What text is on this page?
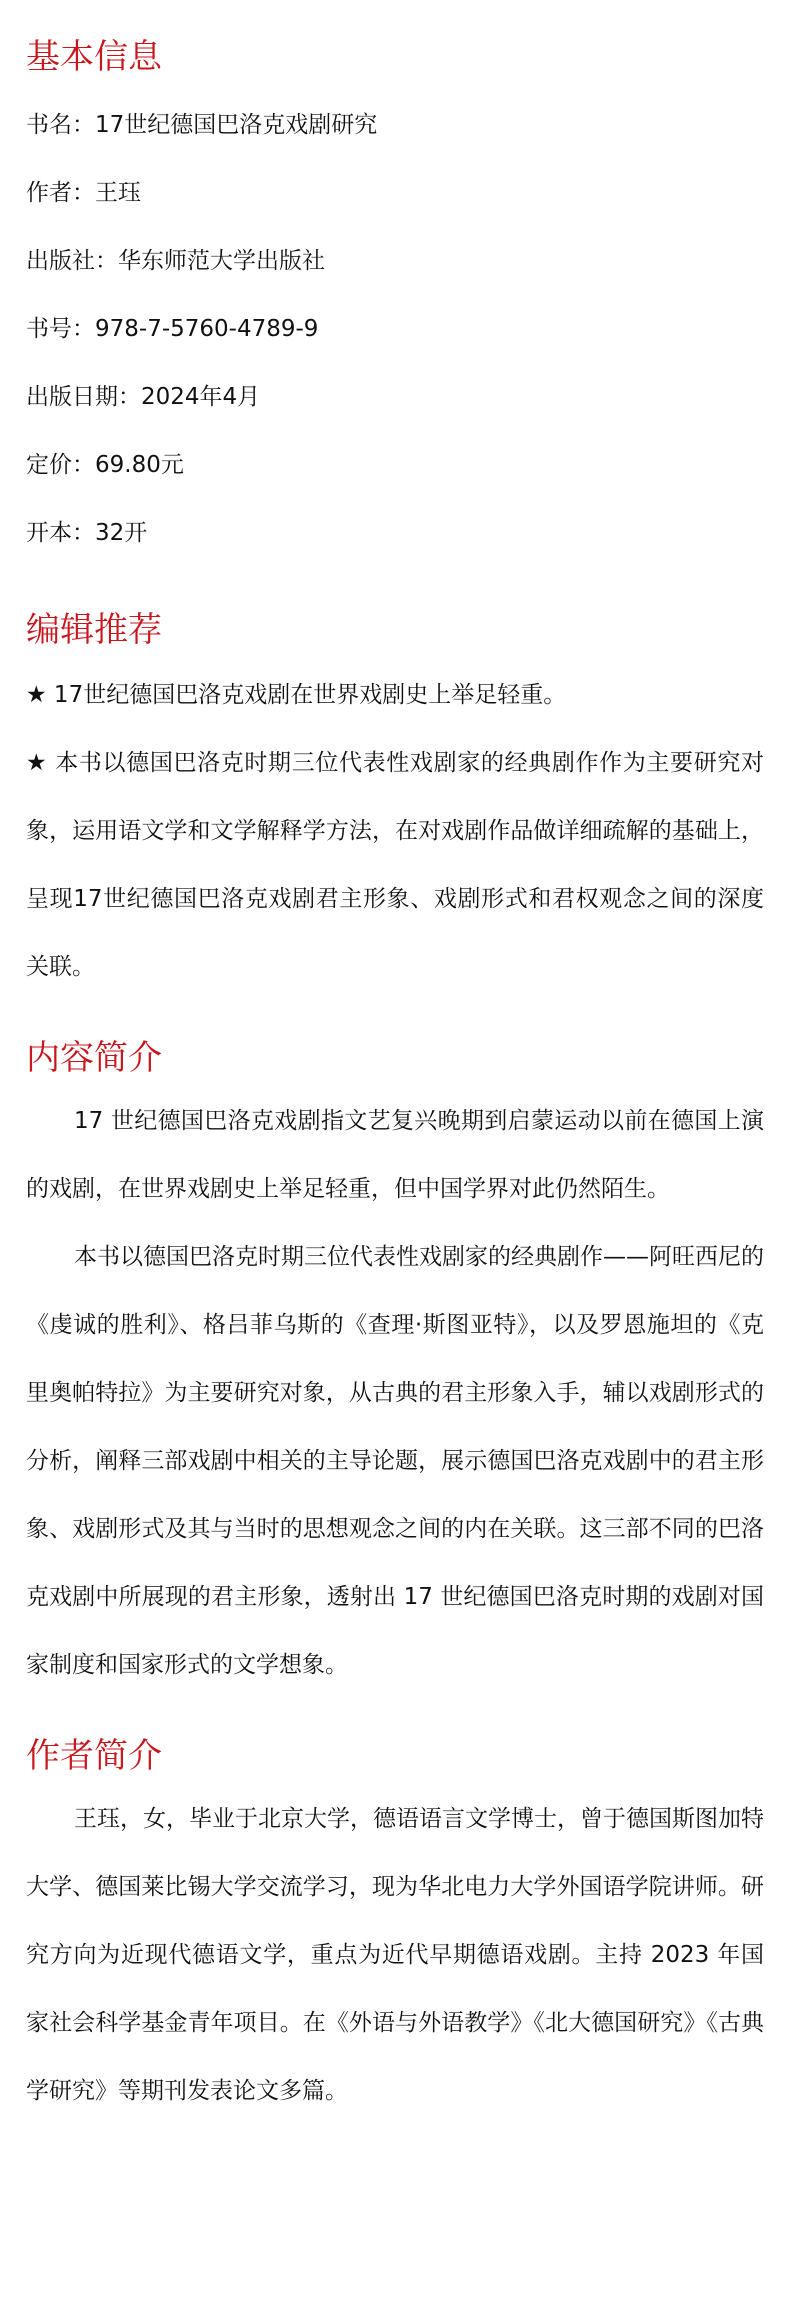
基本信息

书名：17世纪德国巴洛克戏剧研究

作者：王珏

出版社：华东师范大学出版社

书号：978-7-5760-4789-9

出版日期：2024年4月

定价：69.80元

开本：32开

编辑推荐

★ 17世纪德国巴洛克戏剧在世界戏剧史上举足轻重。

★ 本书以德国巴洛克时期三位代表性戏剧家的经典剧作作为主要研究对象，运用语文学和文学解释学方法，在对戏剧作品做详细疏解的基础上，呈现17世纪德国巴洛克戏剧君主形象、戏剧形式和君权观念之间的深度关联。

内容简介

17 世纪德国巴洛克戏剧指文艺复兴晚期到启蒙运动以前在德国上演的戏剧，在世界戏剧史上举足轻重，但中国学界对此仍然陌生。

本书以德国巴洛克时期三位代表性戏剧家的经典剧作——阿旺西尼的《虔诚的胜利》、格吕菲乌斯的《查理·斯图亚特》，以及罗恩施坦的《克里奥帕特拉》为主要研究对象，从古典的君主形象入手，辅以戏剧形式的分析，阐释三部戏剧中相关的主导论题，展示德国巴洛克戏剧中的君主形象、戏剧形式及其与当时的思想观念之间的内在关联。这三部不同的巴洛克戏剧中所展现的君主形象，透射出 17 世纪德国巴洛克时期的戏剧对国家制度和国家形式的文学想象。

作者简介

王珏，女，毕业于北京大学，德语语言文学博士，曾于德国斯图加特大学、德国莱比锡大学交流学习，现为华北电力大学外国语学院讲师。研究方向为近现代德语文学，重点为近代早期德语戏剧。主持 2023 年国家社会科学基金青年项目。在《外语与外语教学》《北大德国研究》《古典学研究》等期刊发表论文多篇。
